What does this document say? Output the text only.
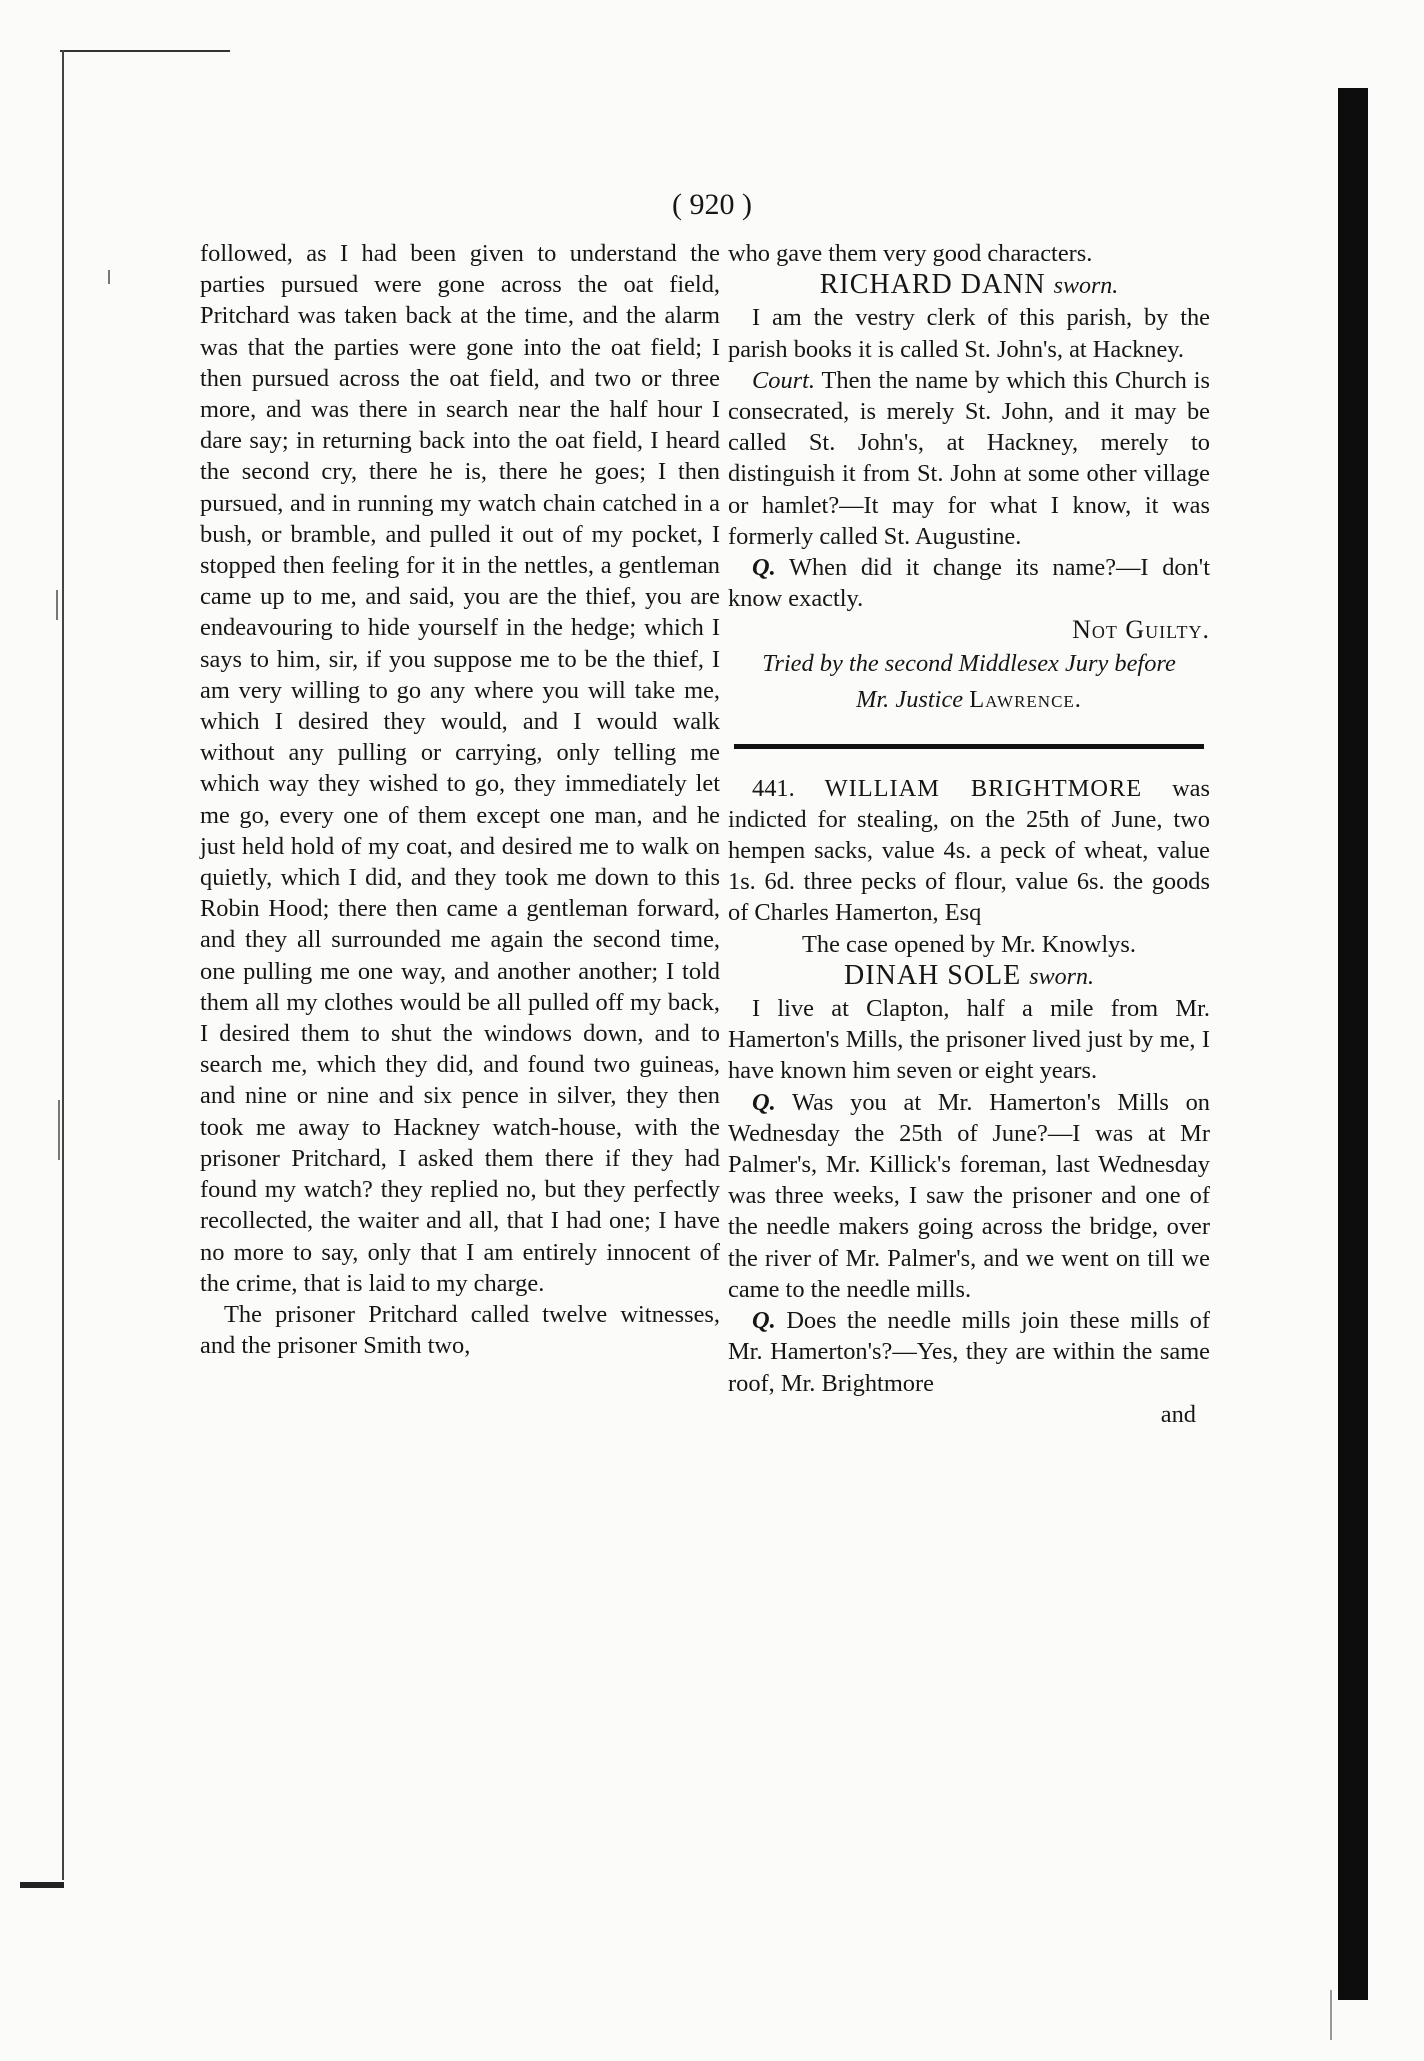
( 920 )

followed, as I had been given to understand the parties pursued were gone across the oat field, Pritchard was taken back at the time, and the alarm was that the parties were gone into the oat field; I then pursued across the oat field, and two or three more, and was there in search near the half hour I dare say; in returning back into the oat field, I heard the second cry, there he is, there he goes; I then pursued, and in running my watch chain catched in a bush, or bramble, and pulled it out of my pocket, I stopped then feeling for it in the nettles, a gentleman came up to me, and said, you are the thief, you are endeavouring to hide yourself in the hedge; which I says to him, sir, if you suppose me to be the thief, I am very willing to go any where you will take me, which I desired they would, and I would walk without any pulling or carrying, only telling me which way they wished to go, they immediately let me go, every one of them except one man, and he just held hold of my coat, and desired me to walk on quietly, which I did, and they took me down to this Robin Hood; there then came a gentleman forward, and they all surrounded me again the second time, one pulling me one way, and another another; I told them all my clothes would be all pulled off my back, I desired them to shut the windows down, and to search me, which they did, and found two guineas, and nine or nine and six pence in silver, they then took me away to Hackney watch-house, with the prisoner Pritchard, I asked them there if they had found my watch? they replied no, but they perfectly recollected, the waiter and all, that I had one; I have no more to say, only that I am entirely innocent of the crime, that is laid to my charge.

The prisoner Pritchard called twelve witnesses, and the prisoner Smith two,

who gave them very good characters.

RICHARD DANN sworn.

I am the vestry clerk of this parish, by the parish books it is called St. John's, at Hackney.

Court. Then the name by which this Church is consecrated, is merely St. John, and it may be called St. John's, at Hackney, merely to distinguish it from St. John at some other village or hamlet?—It may for what I know, it was formerly called St. Augustine.

Q. When did it change its name?—I don't know exactly.

Not Guilty.

Tried by the second Middlesex Jury before
Mr. Justice Lawrence.

441. WILLIAM BRIGHTMORE was indicted for stealing, on the 25th of June, two hempen sacks, value 4s. a peck of wheat, value 1s. 6d. three pecks of flour, value 6s. the goods of Charles Hamerton, Esq

The case opened by Mr. Knowlys.

DINAH SOLE sworn.

I live at Clapton, half a mile from Mr. Hamerton's Mills, the prisoner lived just by me, I have known him seven or eight years.

Q. Was you at Mr. Hamerton's Mills on Wednesday the 25th of June?—I was at Mr Palmer's, Mr. Killick's foreman, last Wednesday was three weeks, I saw the prisoner and one of the needle makers going across the bridge, over the river of Mr. Palmer's, and we went on till we came to the needle mills.

Q. Does the needle mills join these mills of Mr. Hamerton's?—Yes, they are within the same roof, Mr. Brightmore

and
